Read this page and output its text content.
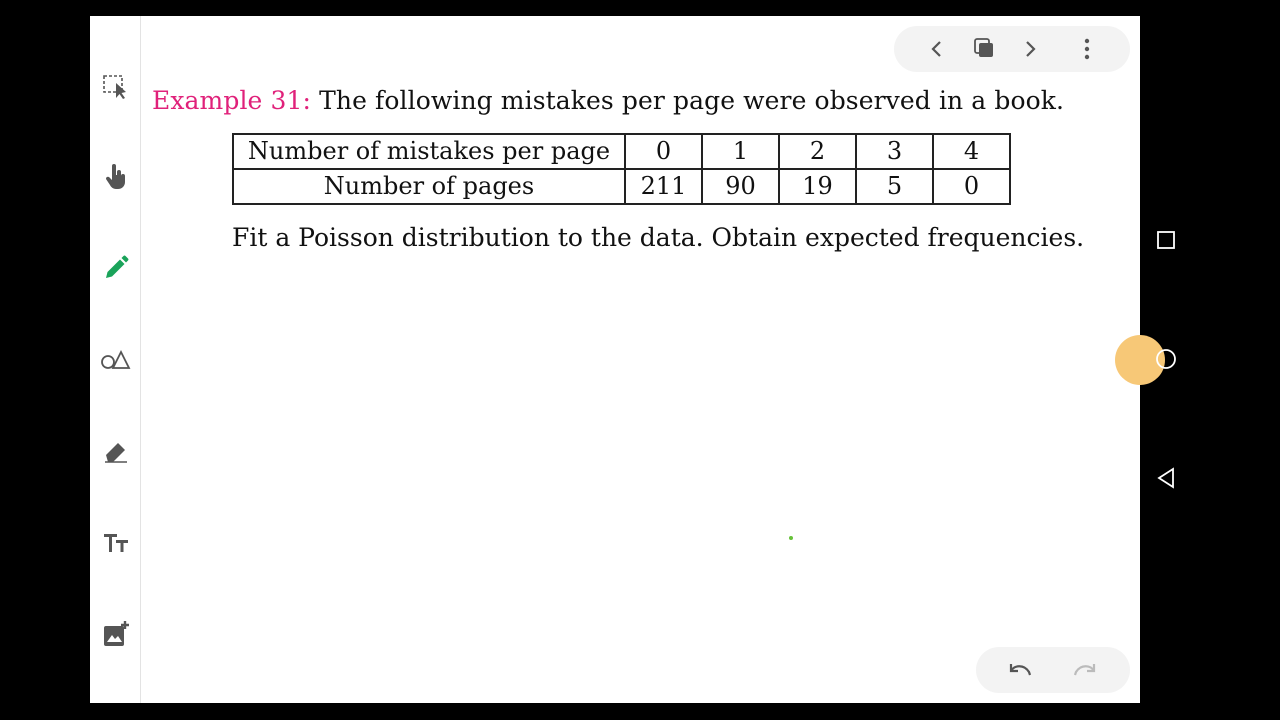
Example 31: The following mistakes per page were observed in a book.
Number of mistakes per page	0	1	2	3	4
Number of pages	211	90	19	5	0
Fit a Poisson distribution to the data. Obtain expected frequencies.
